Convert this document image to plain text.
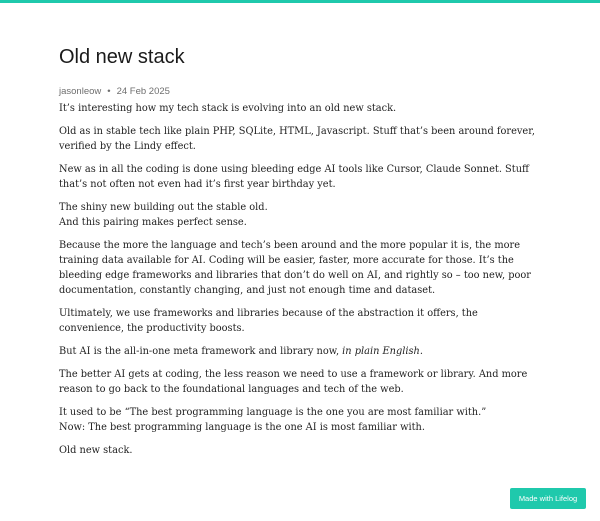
Old new stack
jasonleow • 24 Feb 2025

It’s interesting how my tech stack is evolving into an old new stack.

Old as in stable tech like plain PHP, SQLite, HTML, Javascript. Stuff that’s been around forever, verified by the Lindy effect.

New as in all the coding is done using bleeding edge AI tools like Cursor, Claude Sonnet. Stuff that’s not often not even had it’s first year birthday yet.

The shiny new building out the stable old.
And this pairing makes perfect sense.

Because the more the language and tech’s been around and the more popular it is, the more training data available for AI. Coding will be easier, faster, more accurate for those. It’s the bleeding edge frameworks and libraries that don’t do well on AI, and rightly so – too new, poor documentation, constantly changing, and just not enough time and dataset.

Ultimately, we use frameworks and libraries because of the abstraction it offers, the convenience, the productivity boosts.

But AI is the all-in-one meta framework and library now, in plain English.

The better AI gets at coding, the less reason we need to use a framework or library. And more reason to go back to the foundational languages and tech of the web.

It used to be “The best programming language is the one you are most familiar with.”
Now: The best programming language is the one AI is most familiar with.

Old new stack.

Made with Lifelog
